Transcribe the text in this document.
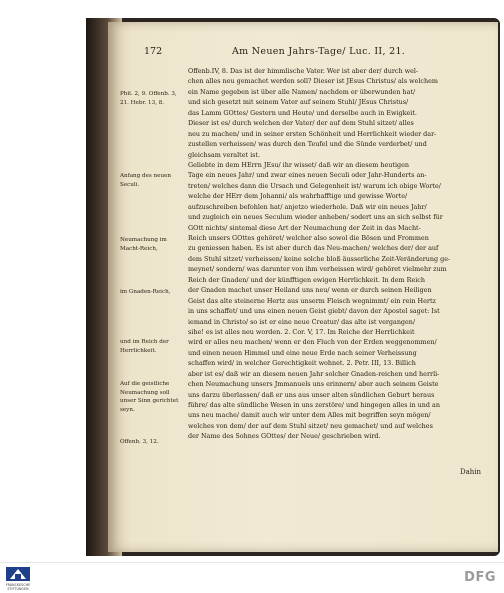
172	Am Neuen Jahrs-Tage/ Luc. II, 21.
Offenb.IV, 8. Das ist der himmlische Vater. Wer ist aber der/ durch wel-
chen alles neu gemachet werden soll? Dieser ist JEsus Christus/ als welchem
ein Name gegeben ist über alle Namen/ nachdem er überwunden hat/
und sich gesetzt mit seinem Vater auf seinem Stuhl/ JEsus Christus/
das Lamm GOttes/ Gestern und Heute/ und derselbe auch in Ewigkeit.
Dieser ist es/ durch welchen der Vater/ der auf dem Stuhl sitzet/ alles
neu zu machen/ und in seiner ersten Schönheit und Herrlichkeit wieder dar-
zustellen verheissen/ was durch den Teufel und die Sünde verderbet/ und
gleichsam veraltet ist.
Geliebte in dem HErrn JEsu/ ihr wisset/ daß wir an diesem heutigen
Tage ein neues Jahr/ und zwar eines neuen Seculi oder Jahr-Hunderts an-
treten/ welches dann die Ursach und Gelegenheit ist/ warum ich obige Worte/
welche der HErr dem Johanni/ als wahrhafftige und gewisse Worte/
aufzuschreiben befohlen hat/ anjetzo wiederhole. Daß wir ein neues Jahr/
und zugleich ein neues Seculum wieder anheben/ sodert uns an sich selbst für
GOtt nichts/ sintemal diese Art der Neumachung der Zeit in das Macht-
Reich unsers GOttes gehöret/ welcher also sowol die Bösen und Frommen
zu geniessen haben. Es ist aber durch das Neu-machen/ welches der/ der auf
dem Stuhl sitzet/ verheissen/ keine solche bloß äusserliche Zeit-Veränderung ge-
meynet/ sondern/ was darunter von ihm verheissen wird/ gehöret vielmehr zum
Reich der Gnaden/ und der künfftigen ewigen Herrlichkeit. In dem Reich
der Gnaden machet unser Heiland uns neu/ wenn er durch seinen Heiligen
Geist das alte steinerne Hertz aus unserm Fleisch wegnimmt/ ein rein Hertz
in uns schaffet/ und uns einen neuen Geist giebt/ davon der Apostel saget: Ist
iemand in Christo/ so ist er eine neue Creatur/ das alte ist vergangen/
sihe! es ist alles neu worden. 2. Cor. V, 17. Im Reiche der Herrlichkeit
wird er alles neu machen/ wenn er den Fluch von der Erden weggenommen/
und einen neuen Himmel und eine neue Erde nach seiner Verheissung
schaffen wird/ in welcher Gerechtigkeit wohnet. 2. Petr. III, 13. Billich
aber ist es/ daß wir an diesem neuen Jahr solcher Gnaden-reichen und herrli-
chen Neumachung unsers Jmmanuels uns erinnern/ aber auch seinem Geiste
uns darzu überlassen/ daß er uns aus unser alten sündlichen Geburt heraus
führe/ das alte sündliche Wesen in uns zerstöre/ und hingegen alles in und an
uns neu mache/ damit auch wir unter dem Alles mit begriffen seyn mögen/
welches von dem/ der auf dem Stuhl sitzet/ neu gemachet/ und auf welches
der Name des Sohnes GOttes/ der Neue/ geschrieben wird.
Phil. 2, 9. Offenb. 3, 21. Hebr. 13, 8.
Anfang des neuen Seculi.
Neumachung im Macht-Reich,
im Gnaden-Reich,
und im Reich der Herrlichkeit.
Auf die geistliche Neumachung soll unser Sinn gerichtet seyn.
Offenb. 3, 12.
Dahin
FRANCKESCHE STIFTUNGEN
DFG
